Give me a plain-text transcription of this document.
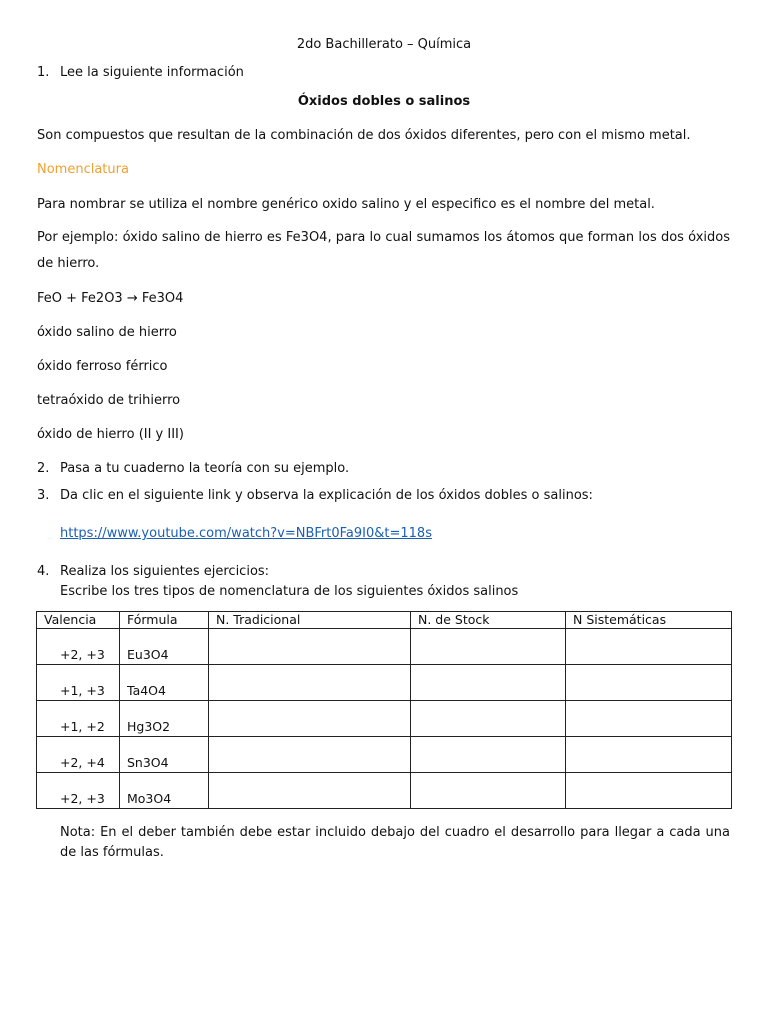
2do Bachillerato – Química
1. Lee la siguiente información
Óxidos dobles o salinos
Son compuestos que resultan de la combinación de dos óxidos diferentes, pero con el mismo metal.
Nomenclatura
Para nombrar se utiliza el nombre genérico oxido salino y el especifico es el nombre del metal.
Por ejemplo: óxido salino de hierro es Fe3O4, para lo cual sumamos los átomos que forman los dos óxidos de hierro.
FeO + Fe2O3 → Fe3O4
óxido salino de hierro
óxido ferroso férrico
tetraóxido de trihierro
óxido de hierro (II y III)
2. Pasa a tu cuaderno la teoría con su ejemplo.
3. Da clic en el siguiente link y observa la explicación de los óxidos dobles o salinos:
https://www.youtube.com/watch?v=NBFrt0Fa9I0&t=118s
4. Realiza los siguientes ejercicios:
Escribe los tres tipos de nomenclatura de los siguientes óxidos salinos
Valencia	Fórmula	N. Tradicional	N. de Stock	N Sistemáticas
+2, +3	Eu3O4			
+1, +3	Ta4O4			
+1, +2	Hg3O2			
+2, +4	Sn3O4			
+2, +3	Mo3O4			
Nota: En el deber también debe estar incluido debajo del cuadro el desarrollo para llegar a cada una de las fórmulas.
